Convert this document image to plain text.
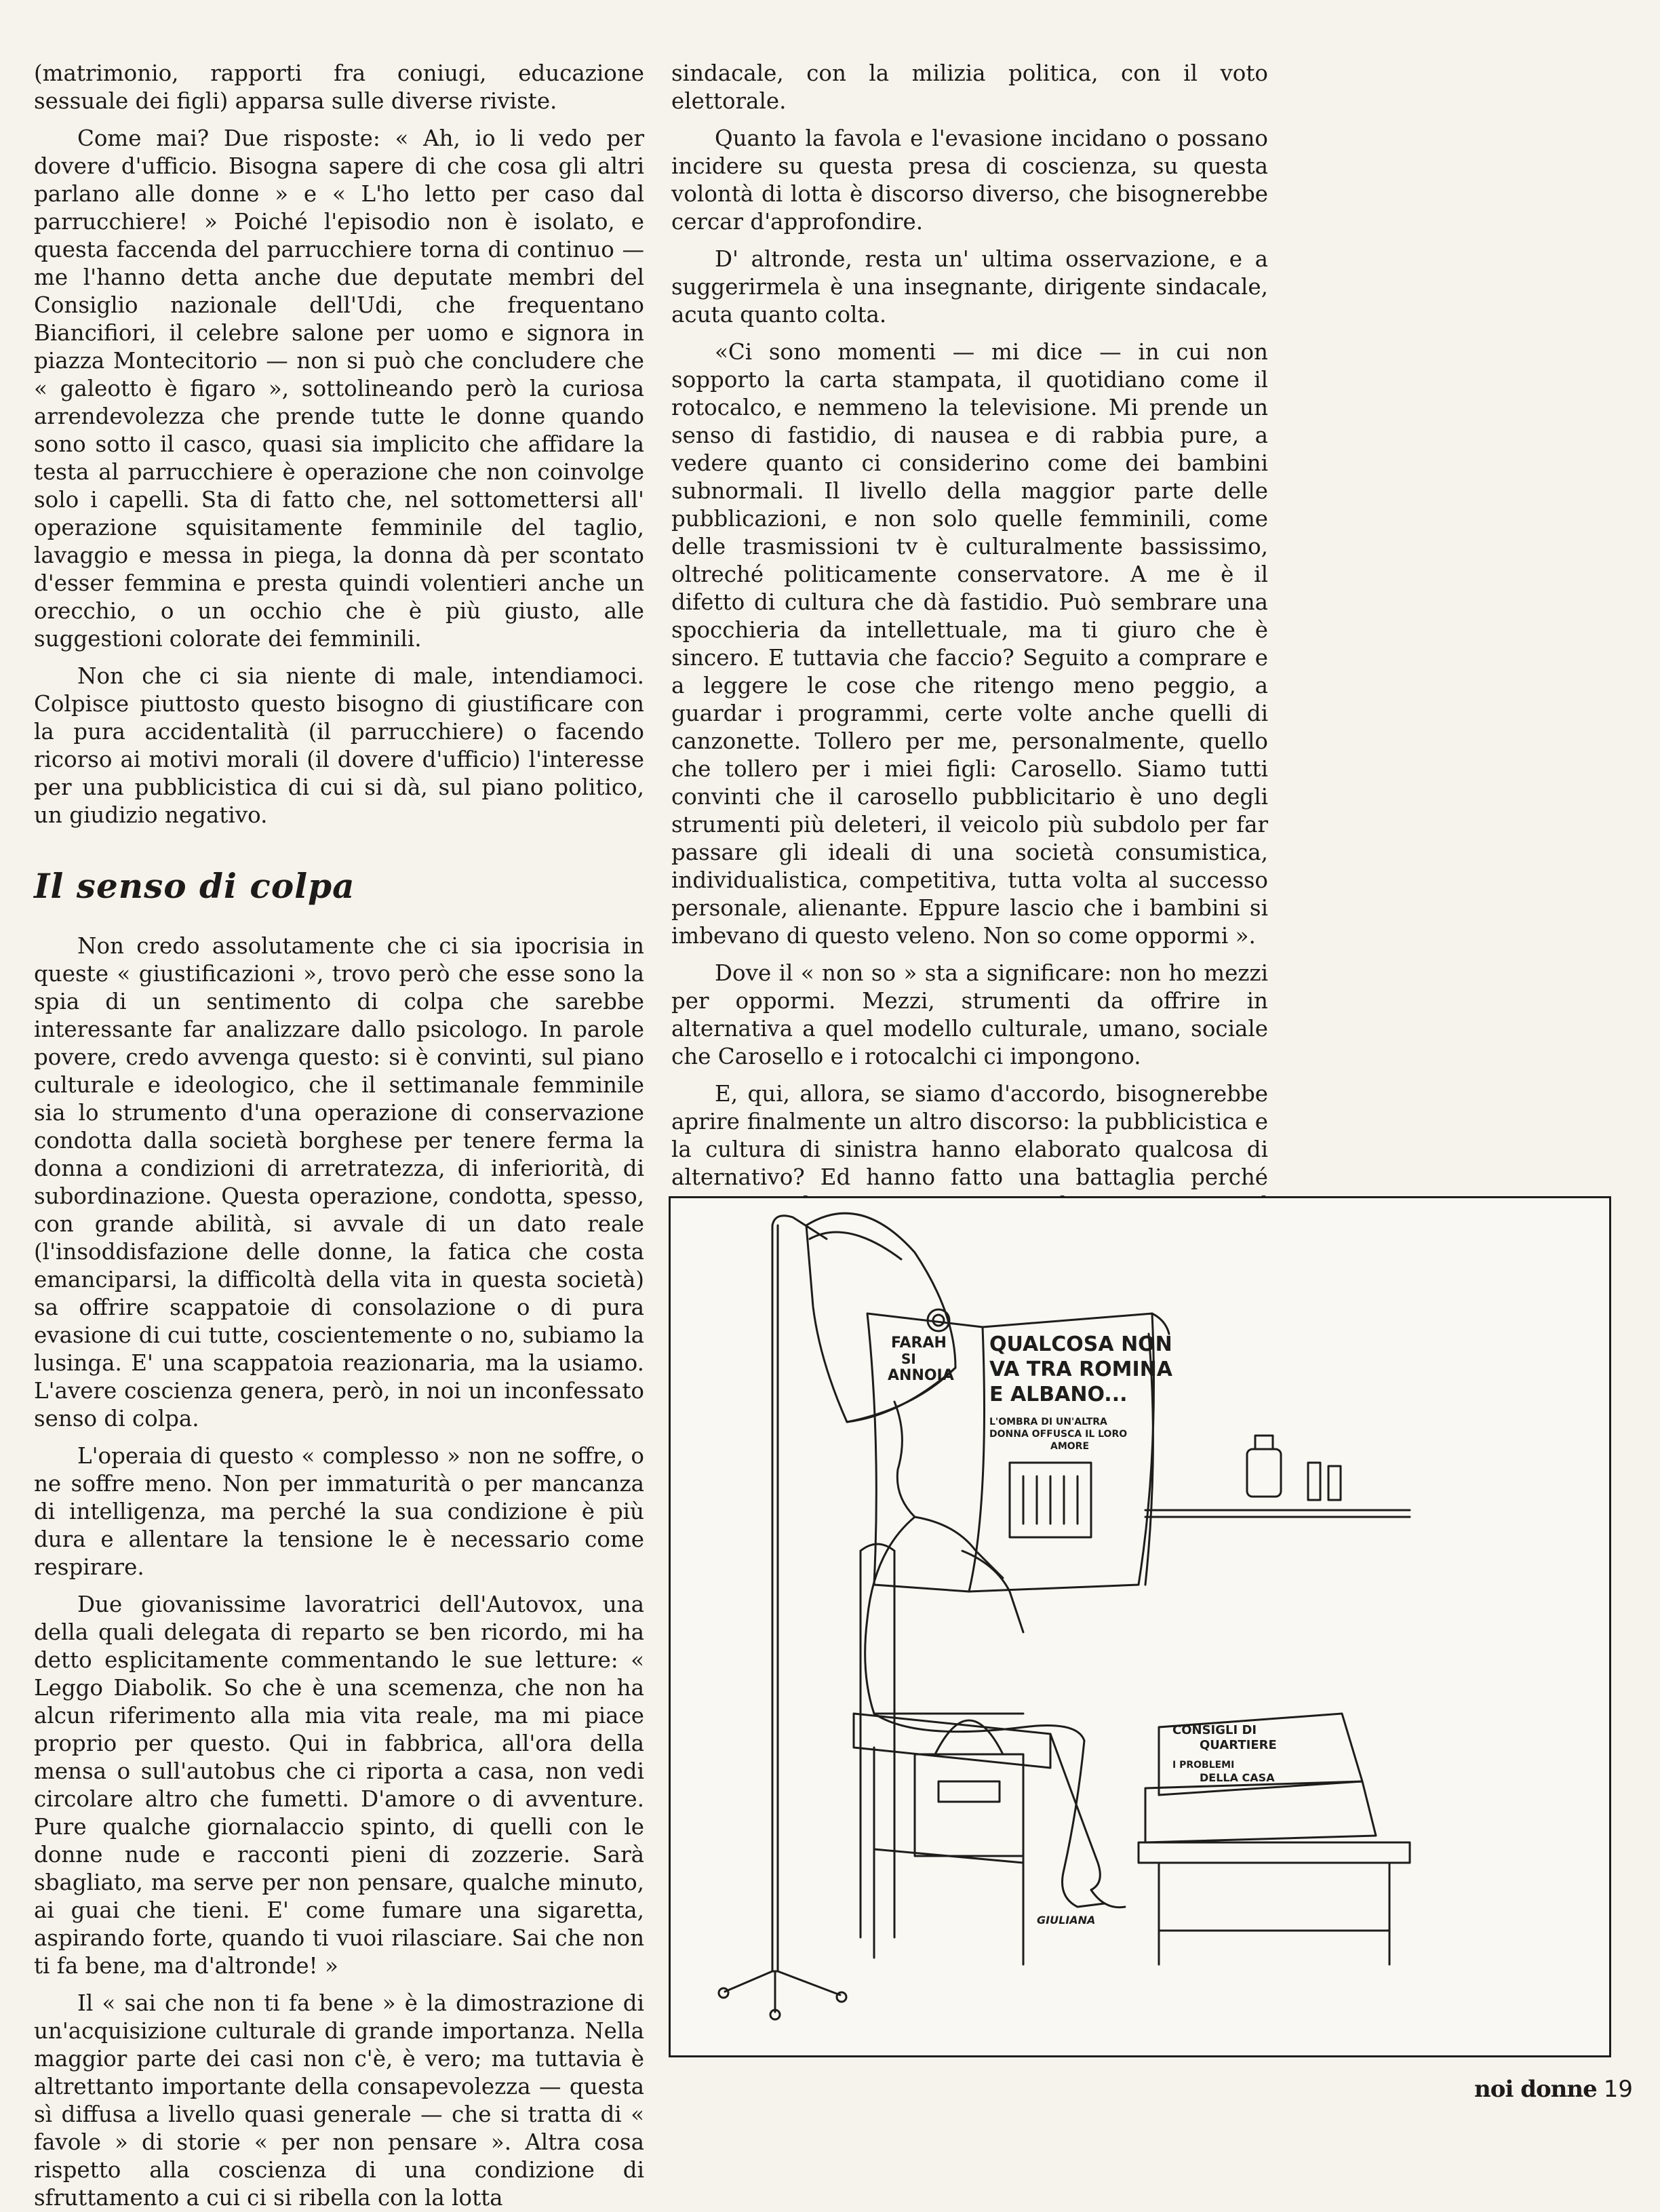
(matrimonio, rapporti fra coniugi, educazione sessuale dei figli) apparsa sulle diverse riviste.

Come mai? Due risposte: « Ah, io li vedo per dovere d'ufficio. Bisogna sapere di che cosa gli altri parlano alle donne » e « L'ho letto per caso dal parrucchiere! » Poiché l'episodio non è isolato, e questa faccenda del parrucchiere torna di continuo — me l'hanno detta anche due deputate membri del Consiglio nazionale dell'Udi, che frequentano Biancifiori, il celebre salone per uomo e signora in piazza Montecitorio — non si può che concludere che « galeotto è figaro », sottolineando però la curiosa arrendevolezza che prende tutte le donne quando sono sotto il casco, quasi sia implicito che affidare la testa al parrucchiere è operazione che non coinvolge solo i capelli. Sta di fatto che, nel sottomettersi all' operazione squisitamente femminile del taglio, lavaggio e messa in piega, la donna dà per scontato d'esser femmina e presta quindi volentieri anche un orecchio, o un occhio che è più giusto, alle suggestioni colorate dei femminili.

Non che ci sia niente di male, intendiamoci. Colpisce piuttosto questo bisogno di giustificare con la pura accidentalità (il parrucchiere) o facendo ricorso ai motivi morali (il dovere d'ufficio) l'interesse per una pubblicistica di cui si dà, sul piano politico, un giudizio negativo.

Il senso di colpa

Non credo assolutamente che ci sia ipocrisia in queste « giustificazioni », trovo però che esse sono la spia di un sentimento di colpa che sarebbe interessante far analizzare dallo psicologo. In parole povere, credo avvenga questo: si è convinti, sul piano culturale e ideologico, che il settimanale femminile sia lo strumento d'una operazione di conservazione condotta dalla società borghese per tenere ferma la donna a condizioni di arretratezza, di inferiorità, di subordinazione. Questa operazione, condotta, spesso, con grande abilità, si avvale di un dato reale (l'insoddisfazione delle donne, la fatica che costa emanciparsi, la difficoltà della vita in questa società) sa offrire scappatoie di consolazione o di pura evasione di cui tutte, coscientemente o no, subiamo la lusinga. E' una scappatoia reazionaria, ma la usiamo. L'avere coscienza genera, però, in noi un inconfessato senso di colpa.

L'operaia di questo « complesso » non ne soffre, o ne soffre meno. Non per immaturità o per mancanza di intelligenza, ma perché la sua condizione è più dura e allentare la tensione le è necessario come respirare.

Due giovanissime lavoratrici dell'Autovox, una della quali delegata di reparto se ben ricordo, mi ha detto esplicitamente commentando le sue letture: « Leggo Diabolik. So che è una scemenza, che non ha alcun riferimento alla mia vita reale, ma mi piace proprio per questo. Qui in fabbrica, all'ora della mensa o sull'autobus che ci riporta a casa, non vedi circolare altro che fumetti. D'amore o di avventure. Pure qualche giornalaccio spinto, di quelli con le donne nude e racconti pieni di zozzerie. Sarà sbagliato, ma serve per non pensare, qualche minuto, ai guai che tieni. E' come fumare una sigaretta, aspirando forte, quando ti vuoi rilasciare. Sai che non ti fa bene, ma d'altronde! »

Il « sai che non ti fa bene » è la dimostrazione di un'acquisizione culturale di grande importanza. Nella maggior parte dei casi non c'è, è vero; ma tuttavia è altrettanto importante della consapevolezza — questa sì diffusa a livello quasi generale — che si tratta di « favole » di storie « per non pensare ». Altra cosa rispetto alla coscienza di una condizione di sfruttamento a cui ci si ribella con la lotta

sindacale, con la milizia politica, con il voto elettorale.

Quanto la favola e l'evasione incidano o possano incidere su questa presa di coscienza, su questa volontà di lotta è discorso diverso, che bisognerebbe cercar d'approfondire.

D' altronde, resta un' ultima osservazione, e a suggerirmela è una insegnante, dirigente sindacale, acuta quanto colta.

«Ci sono momenti — mi dice — in cui non sopporto la carta stampata, il quotidiano come il rotocalco, e nemmeno la televisione. Mi prende un senso di fastidio, di nausea e di rabbia pure, a vedere quanto ci considerino come dei bambini subnormali. Il livello della maggior parte delle pubblicazioni, e non solo quelle femminili, come delle trasmissioni tv è culturalmente bassissimo, oltreché politicamente conservatore. A me è il difetto di cultura che dà fastidio. Può sembrare una spocchieria da intellettuale, ma ti giuro che è sincero. E tuttavia che faccio? Seguito a comprare e a leggere le cose che ritengo meno peggio, a guardar i programmi, certe volte anche quelli di canzonette. Tollero per me, personalmente, quello che tollero per i miei figli: Carosello. Siamo tutti convinti che il carosello pubblicitario è uno degli strumenti più deleteri, il veicolo più subdolo per far passare gli ideali di una società consumistica, individualistica, competitiva, tutta volta al successo personale, alienante. Eppure lascio che i bambini si imbevano di questo veleno. Non so come oppormi ».

Dove il « non so » sta a significare: non ho mezzi per oppormi. Mezzi, strumenti da offrire in alternativa a quel modello culturale, umano, sociale che Carosello e i rotocalchi ci impongono.

E, qui, allora, se siamo d'accordo, bisognerebbe aprire finalmente un altro discorso: la pubblicistica e la cultura di sinistra hanno elaborato qualcosa di alternativo? Ed hanno fatto una battaglia perché

FARAH
SI
ANNOIA
QUALCOSA NON
VA TRA ROMINA
E ALBANO...
L'OMBRA DI UN'ALTRA
DONNA OFFUSCA IL LORO
AMORE
CONSIGLI DI
QUARTIERE
I PROBLEMI
DELLA CASA
GIULIANA
noi donne 19
